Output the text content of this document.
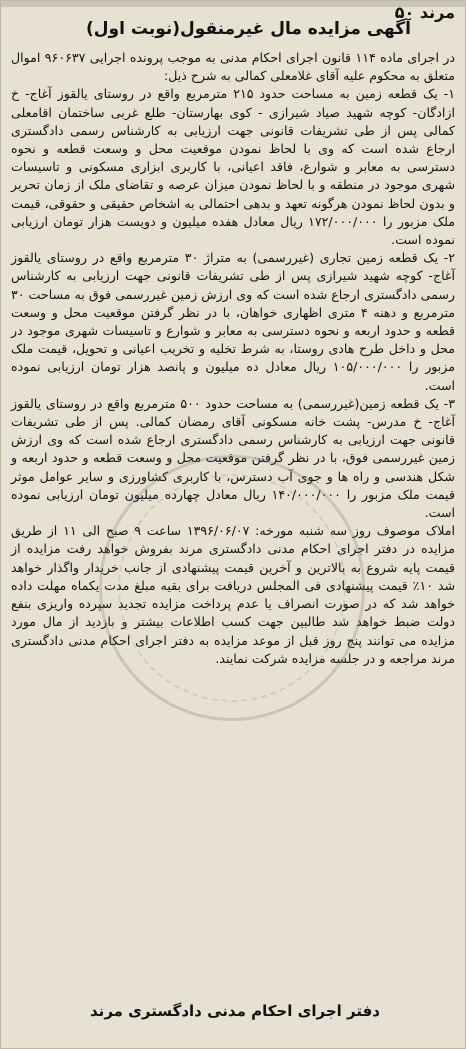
مرند ۵۰
آگهی مزایده مال غیرمنقول(نوبت اول)

در اجرای ماده ۱۱۴ قانون اجرای احکام مدنی به موجب پرونده اجرایی ۹۶۰۶۳۷ اموال متعلق به محکوم علیه آقای غلامعلی کمالی به شرح ذیل:

۱- یک قطعه زمین به مساحت حدود ۲۱۵ مترمربع واقع در روستای یالقوز آغاج- خ ازادگان- کوچه شهید صیاد شیرازی - کوی بهارستان- طلع غربی ساختمان اقامعلی کمالی پس از طی تشریفات قانونی جهت ارزیابی به کارشناس رسمی دادگستری ارجاع شده است که وی با لحاظ نمودن موقعیت محل و وسعت قطعه و نحوه دسترسی به معابر و شوارع، فاقد اعیانی، با کاربری ابزاری مسکونی و تاسیسات شهری موجود در منطقه و با لحاظ نمودن میزان عرصه و تقاضای ملک از زمان تحریر و بدون لحاظ نمودن هرگونه تعهد و بدهی احتمالی به اشخاص حقیقی و حقوقی، قیمت ملک مزبور را ۱۷۲/۰۰۰/۰۰۰ ریال معادل هفده میلیون و دویست هزار تومان ارزیابی نموده است.

۲- یک قطعه زمین تجاری (غیررسمی) به متراژ ۳۰ مترمربع واقع در روستای یالقوز آغاج- کوچه شهید شیرازی پس از طی تشریفات قانونی جهت ارزیابی به کارشناس رسمی دادگستری ارجاع شده است که وی ارزش زمین غیررسمی فوق به مساحت ۳۰ مترمربع و دهنه ۴ متری اظهاری خواهان، با در نظر گرفتن موقعیت محل و وسعت قطعه و حدود اربعه و نحوه دسترسی به معابر و شوارع و تاسیسات شهری موجود در محل و داخل طرح هادی روستا، به شرط تخلیه و تخریب اعیانی و تحویل، قیمت ملک مزبور را ۱۰۵/۰۰۰/۰۰۰ ریال معادل ده میلیون و پانصد هزار تومان ارزیابی نموده است.

۳- یک قطعه زمین(غیررسمی) به مساحت حدود ۵۰۰ مترمربع واقع در روستای یالقوز آغاج- خ مدرس- پشت خانه مسکونی آقای رمضان کمالی. پس از طی تشریفات قانونی جهت ارزیابی به کارشناس رسمی دادگستری ارجاع شده است که وی ارزش زمین غیررسمی فوق، با در نظر گرفتن موقعیت محل و وسعت قطعه و حدود اربعه و شکل هندسی و راه ها و جوی آب دسترس، با کاربری کشاورزی و سایر عوامل موثر قیمت ملک مزبور را ۱۴۰/۰۰۰/۰۰۰ ریال معادل چهارده میلیون تومان ارزیابی نموده است.

املاک موصوف روز سه شنبه مورخه: ۱۳۹۶/۰۶/۰۷ ساعت ۹ صبح الی ۱۱ از طریق مزایده در دفتر اجرای احکام مدنی دادگستری مرند بفروش خواهد رفت مزایده از قیمت پایه شروع به بالاترین و آخرین قیمت پیشنهادی از جانب خریدار واگذار خواهد شد ۱۰٪ قیمت پیشنهادی فی المجلس دریافت برای بقیه مبلغ مدت یکماه مهلت داده خواهد شد که در صورت انصراف یا عدم پرداخت مزایده تجدید سپرده واریزی بنفع دولت ضبط خواهد شد طالبین جهت کسب اطلاعات بیشتر و بازدید از مال مورد مزایده می توانند پنج روز قبل از موعد مزایده به دفتر اجرای احکام مدنی دادگستری مرند مراجعه و در جلسه مزایده شرکت نمایند.

دفتر اجرای احکام مدنی دادگستری مرند
